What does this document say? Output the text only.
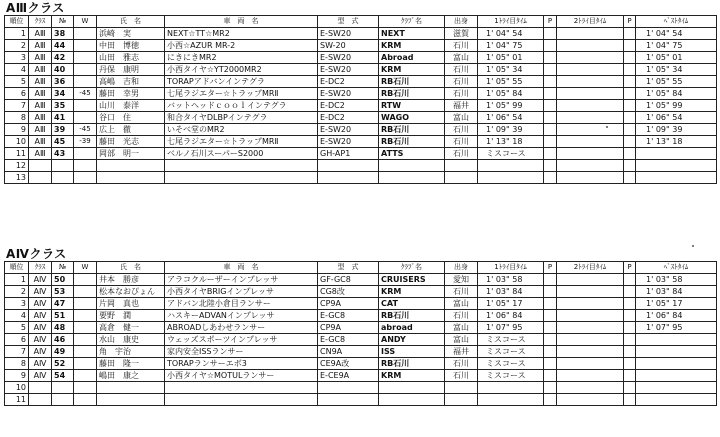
AⅢクラス
順位	ｸﾗｽ	№	W	氏　名	車　両　名	型　式	ｸﾗﾌﾞ名	出身	1ﾄﾗｲ目ﾀｲﾑ	P	2ﾄﾗｲ目ﾀｲﾑ	P	ﾍﾞｽﾄﾀｲﾑ
1	AⅢ	38		浜崎　実	NEXT☆TT☆MR2	E-SW20	NEXT	滋賀	1' 04" 54				1' 04" 54
2	AⅢ	44		中田　博徳	小西☆AZUR MR-2	SW-20	KRM	石川	1' 04" 75				1' 04" 75
3	AⅢ	42		山田　雅志	にきにきMR2	E-SW20	Abroad	富山	1' 05" 01				1' 05" 01
4	AⅢ	40		丹保　康明	小西タイヤ☆YT2000MR2	E-SW20	KRM	石川	1' 05" 34				1' 05" 34
5	AⅢ	36		高嶋　吉和	TORAPアドバンインテグラ	E-DC2	RB石川	石川	1' 05" 55				1' 05" 55
6	AⅢ	34	-45	藤田　幸男	七尾ラジエター☆トラップMRⅡ	E-SW20	RB石川	石川	1' 05" 84				1' 05" 84
7	AⅢ	35		山川　泰洋	バットヘッドｃｏｏｌインテグラ	E-DC2	RTW	福井	1' 05" 99				1' 05" 99
8	AⅢ	41		谷口　住	和合タイヤDLBPインテグラ	E-DC2	WAGO	富山	1' 06" 54				1' 06" 54
9	AⅢ	39	-45	広上　徹	いそべ堂のMR2	E-SW20	RB石川	石川	1' 09" 39				1' 09" 39
10	AⅢ	45	-39	藤田　光志	七尾ラジエター☆トラップMRⅡ	E-SW20	RB石川	石川	1' 13" 18				1' 13" 18
11	AⅢ	43		岡部　明一	ベルノ石川スーパーS2000	GH-AP1	ATTS	石川	ミスコース				
12													
13													
AⅣクラス
順位	ｸﾗｽ	№	W	氏　名	車　両　名	型　式	ｸﾗﾌﾞ名	出身	1ﾄﾗｲ目ﾀｲﾑ	P	2ﾄﾗｲ目ﾀｲﾑ	P	ﾍﾞｽﾄﾀｲﾑ
1	AⅣ	50		井本　勝彦	アラコクルーザーインプレッサ	GF-GC8	CRUISERS	愛知	1' 03" 58				1' 03" 58
2	AⅣ	53		松本なおぴょん	小西タイヤBRIGインプレッサ	CG8改	KRM	石川	1' 03" 84				1' 03" 84
3	AⅣ	47		片岡　真也	アドバン北陸小倉目ランサー	CP9A	CAT	富山	1' 05" 17				1' 05" 17
4	AⅣ	51		要野　潤	ハスキーADVANインプレッサ	E-GC8	RB石川	石川	1' 06" 84				1' 06" 84
5	AⅣ	48		高倉　健一	ABROADしあわせランサー	CP9A	abroad	富山	1' 07" 95				1' 07" 95
6	AⅣ	46		水山　康史	ウェッズスポーツインプレッサ	E-GC8	ANDY	富山	ミスコース				
7	AⅣ	49		角　宇治	家内安全ISSランサー	CN9A	ISS	福井	ミスコース				
8	AⅣ	52		藤田　隆一	TORAPランサーエボ3	CE9A改	RB石川	石川	ミスコース				
9	AⅣ	54		嶋田　康之	小西タイヤ☆MOTULランサー	E-CE9A	KRM	石川	ミスコース				
10													
11													
